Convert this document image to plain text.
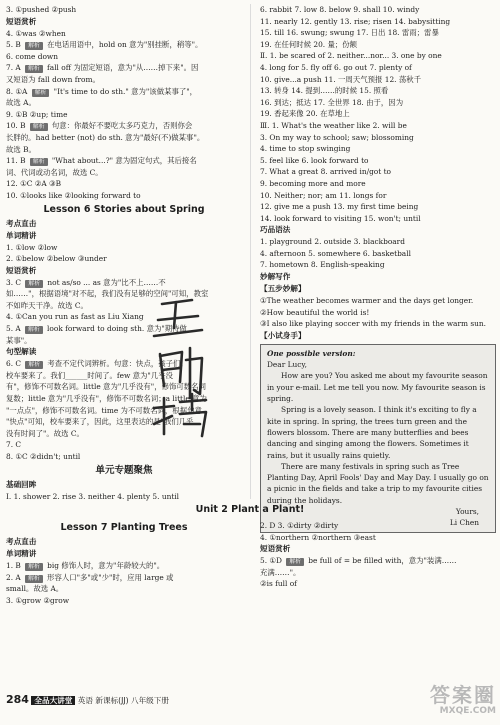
3. ①pushed ②push
短语赏析
4. ①was ②when
5. B 解析 在电话用语中，hold on 意为"别挂断，稍等"。
6. come down
7. A 解析 fall off 为固定短语，意为"从……掉下来"。因
又短语为 fall down from。
8. ①A 解析 "It's time to do sth." 意为"该做某事了"，
故选 A。
9. ①B ②up; time
10. B 解析 句意：你最好不要吃太多巧克力，否则你会
长胖的。had better (not) do sth. 意为"最好(不)做某事"。
故选 B。
11. B 解析 "What about...?" 意为固定句式，其后接名
词、代词或动名词，故选 C。
12. ①C ②A ③B
10. ①looks like ②looking forward to
Lesson 6 Stories about Spring
考点直击
单词精讲
1. ①low ②low
2. ①below ②below ③under
短语赏析
3. C 解析 not as/so ... as 意为"比不上……不
如……"，根据语境"对不起，我们没有足够的空间"可知，教室
不如昨天干净。故选 C。
4. ①Can you run as fast as Liu Xiang
5. A 解析 look forward to doing sth. 意为"期待做
某事"。
句型解读
6. C 解析 考查不定代词辨析。句意：快点，孩子们！
校车要来了。我们______时间了。few 意为"几乎没
有"，修饰不可数名词。little 意为"几乎没有"，修饰可数名词
复数；little 意为"几乎没有"，修饰不可数名词；a little 意为
"一点点"，修饰不可数名词。time 为不可数名词，根据句意
"快点"可知，校车要来了，因此，这里表达的是"我们几乎
没有时间了"。故选 C。
7. C
8. ①C ②didn't; until
单元专题聚焦
基础回眸
Ⅰ. 1. shower 2. rise 3. neither 4. plenty 5. until
6. rabbit 7. low 8. below 9. shall 10. windy
11. nearly 12. gently 13. rise; risen 14. babysitting
15. till 16. swung; swung 17. 日出 18. 雷雨；雷暴
19. 在任何时候 20. 量；份额
Ⅱ. 1. be scared of 2. neither...nor... 3. one by one
4. long for 5. fly off 6. go out 7. plenty of
10. give...a push 11. 一周天气预报 12. 荡秋千
13. 转身 14. 提到……的时候 15. 照看
16. 到达；抵达 17. 全世界 18. 由于，因为
19. 香起来像 20. 在草地上
Ⅲ. 1. What's the weather like 2. will be
3. On my way to school; saw; blossoming
4. time to stop swinging
5. feel like 6. look forward to
7. What a great 8. arrived in/got to
9. becoming more and more
10. Neither; nor; am 11. longs for
12. give me a push 13. my first time being
14. look forward to visiting 15. won't; until
巧品语法
1. playground 2. outside 3. blackboard
4. afternoon 5. somewhere 6. basketball
7. hometown 8. English-speaking
妙解写作
【五步妙解】
①The weather becomes warmer and the days get longer.
②How beautiful the world is!
③I also like playing soccer with my friends in the warm sun.
【小试身手】
One possible version:
Dear Lucy,
How are you? You asked me about my favourite season in your e-mail. Let me tell you now. My favourite season is spring.
Spring is a lovely season. I think it's exciting to fly a kite in spring. In spring, the trees turn green and the flowers blossom. There are many butterflies and bees dancing and singing among the flowers. Sometimes it rains, but it usually rains quietly.
There are many festivals in spring such as Tree Planting Day, April Fools' Day and May Day. I usually go on a picnic in the fields and take a trip to my favourite cities during the holidays.
Yours,
Li Chen
Unit 2 Plant a Plant!
Lesson 7 Planting Trees
考点直击
单词精讲
1. B 解析 big 修饰人时，意为"年龄较大的"。
2. A 解析 形容人口"多"或"少"时，应用 large 或
small。故选 A。
3. ①grow ②grow
2. D 3. ①dirty ②dirty
4. ①northern ②northern ③east
短语赏析
5. ①D 解析 be full of = be filled with，意为"装满……
充满……"。
②is full of
284 全品大讲堂 英语 新课标(JJ) 八年级下册	答案圈
MXQE.COM
